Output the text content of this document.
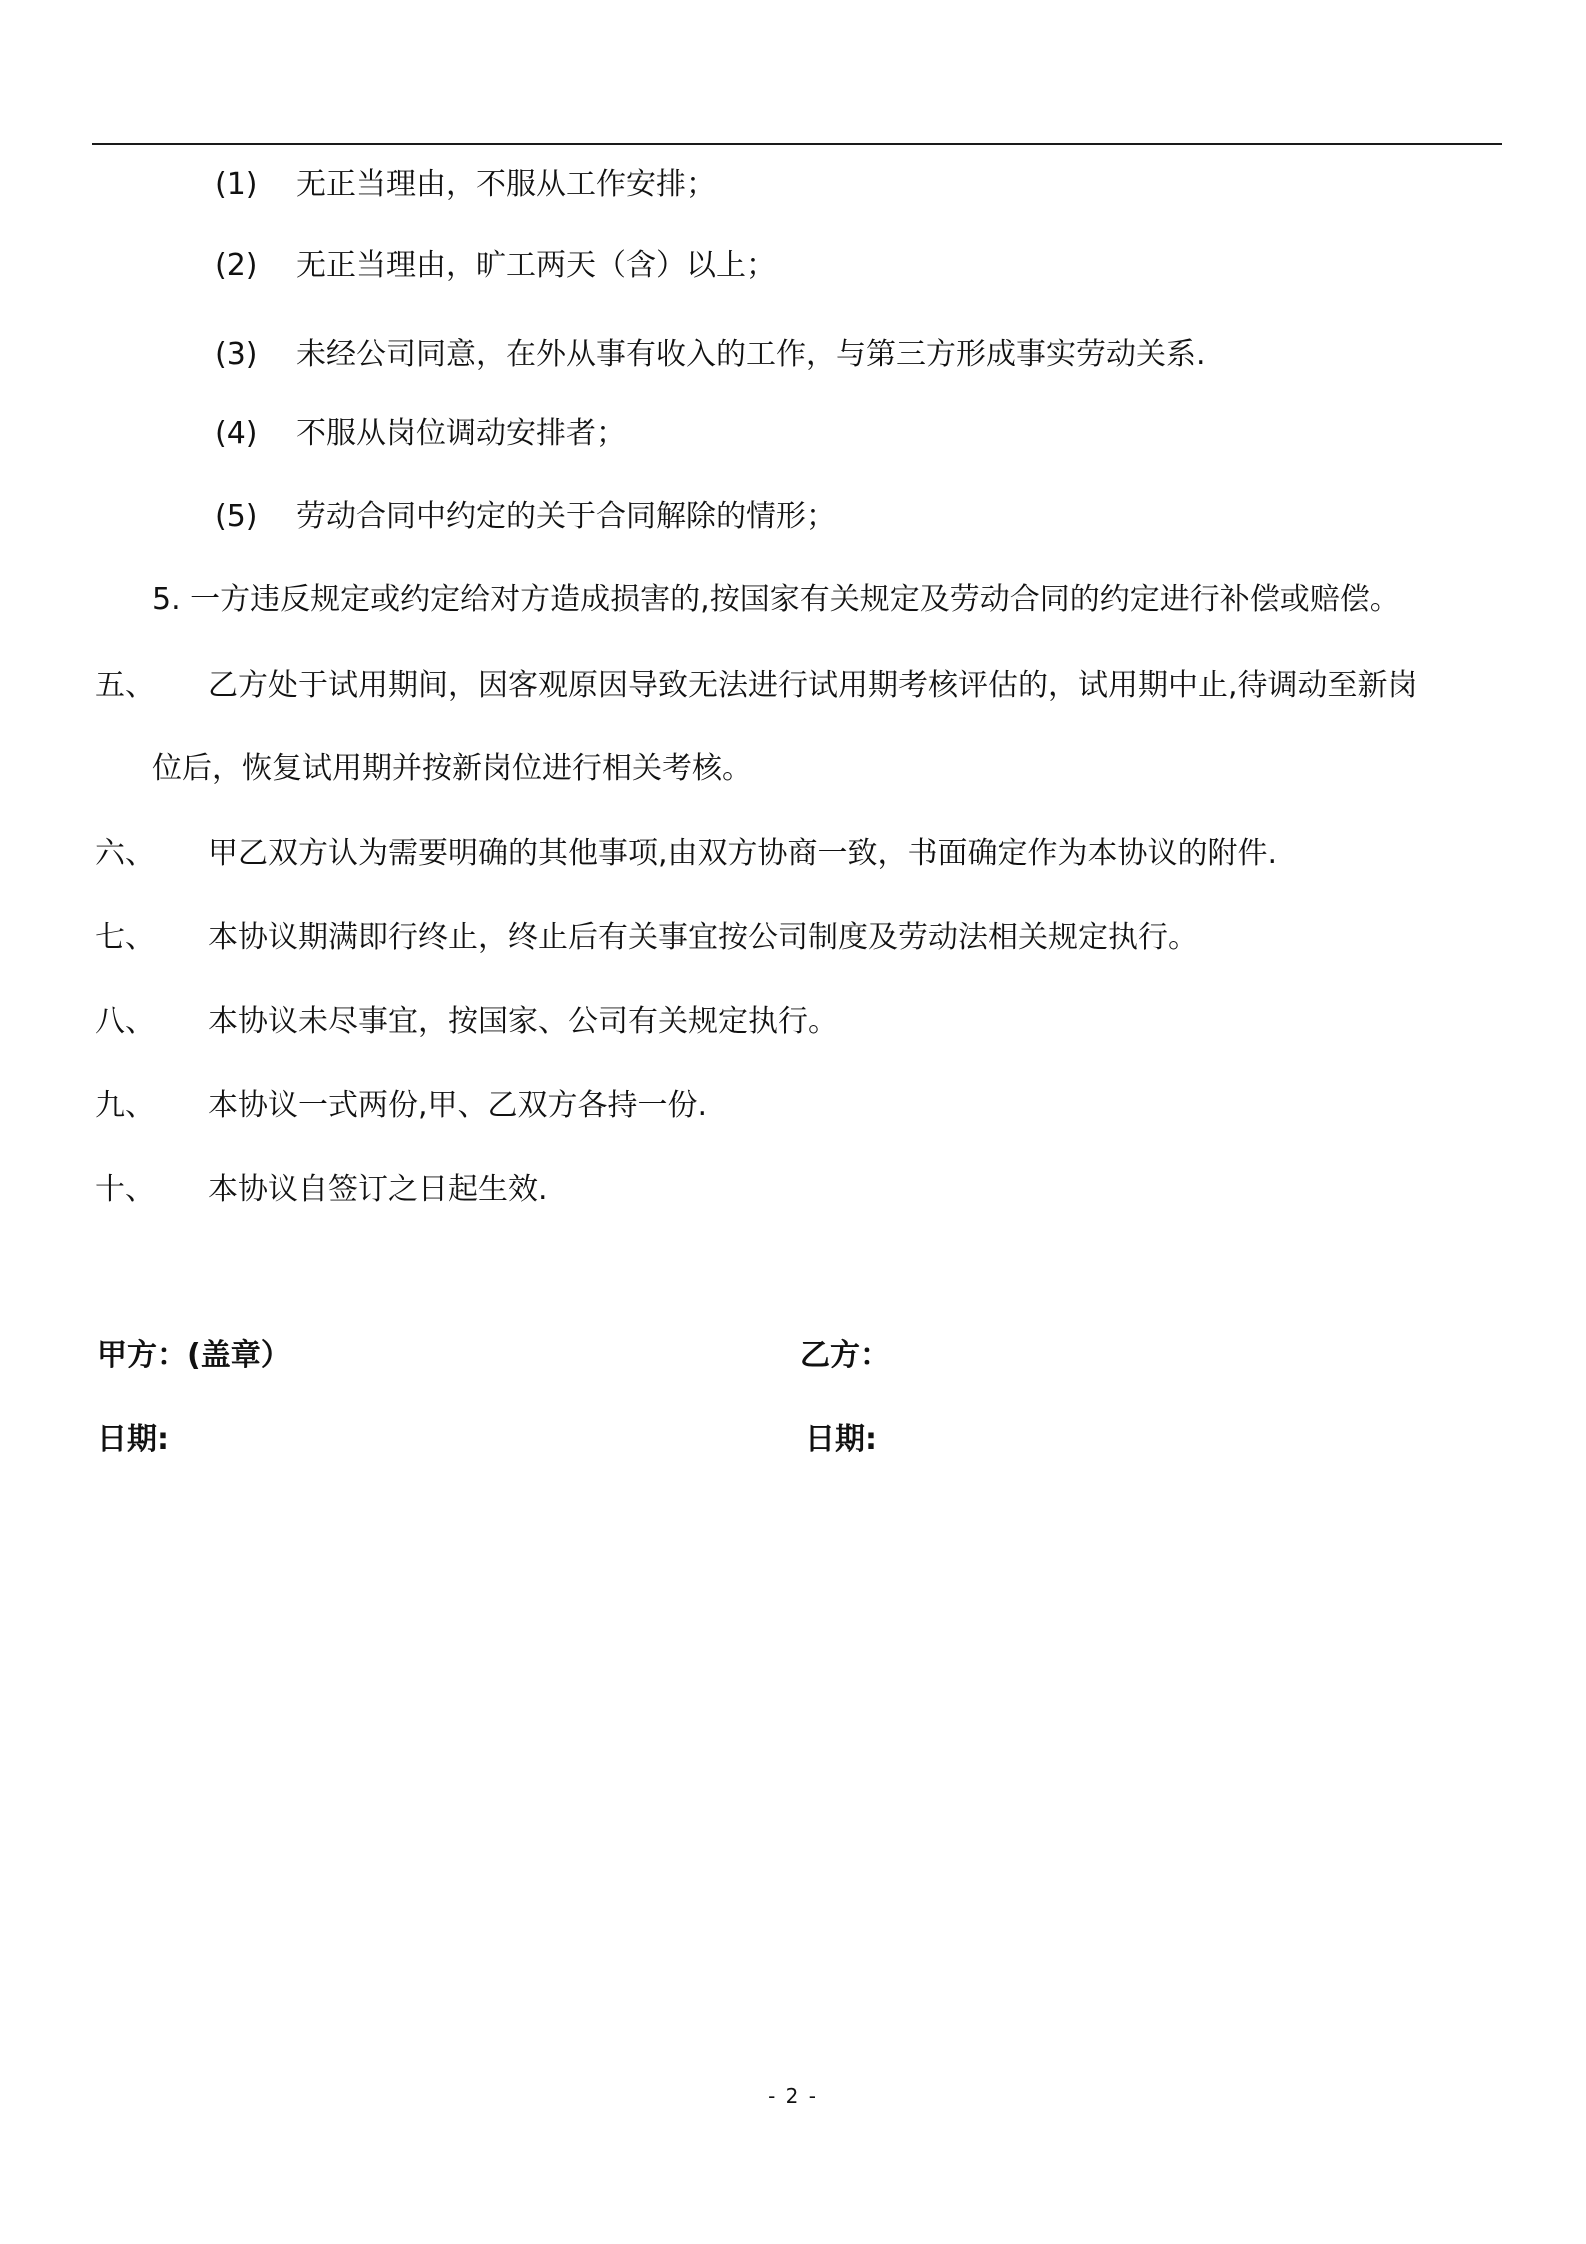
(1)	无正当理由，不服从工作安排；
(2)	无正当理由，旷工两天（含）以上；
(3)	未经公司同意，在外从事有收入的工作，与第三方形成事实劳动关系.
(4)	不服从岗位调动安排者；
(5)	劳动合同中约定的关于合同解除的情形；
5. 一方违反规定或约定给对方造成损害的,按国家有关规定及劳动合同的约定进行补偿或赔偿。
五、	乙方处于试用期间，因客观原因导致无法进行试用期考核评估的，试用期中止,待调动至新岗
位后，恢复试用期并按新岗位进行相关考核。
六、	甲乙双方认为需要明确的其他事项,由双方协商一致，书面确定作为本协议的附件.
七、	本协议期满即行终止，终止后有关事宜按公司制度及劳动法相关规定执行。
八、	本协议未尽事宜，按国家、公司有关规定执行。
九、	本协议一式两份,甲、乙双方各持一份.
十、	本协议自签订之日起生效.
甲方：(盖章）	乙方：
日期:	日期:
- 2 -
